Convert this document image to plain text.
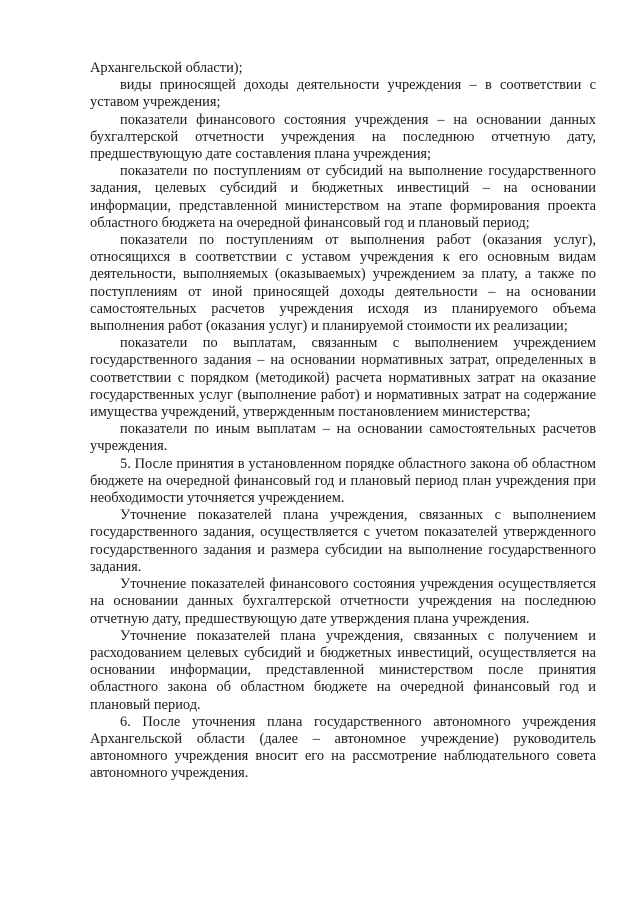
Архангельской области);

виды приносящей доходы деятельности учреждения – в соответствии с уставом учреждения;

показатели финансового состояния учреждения – на основании данных бухгалтерской отчетности учреждения на последнюю отчетную дату, предшествующую дате составления плана учреждения;

показатели по поступлениям от субсидий на выполнение государственного задания, целевых субсидий и бюджетных инвестиций – на основании информации, представленной министерством на этапе формирования проекта областного бюджета на очередной финансовый год и плановый период;

показатели по поступлениям от выполнения работ (оказания услуг), относящихся в соответствии с уставом учреждения к его основным видам деятельности, выполняемых (оказываемых) учреждением за плату, а также по поступлениям от иной приносящей доходы деятельности – на основании самостоятельных расчетов учреждения исходя из планируемого объема выполнения работ (оказания услуг) и планируемой стоимости их реализации;

показатели по выплатам, связанным с выполнением учреждением государственного задания – на основании нормативных затрат, определенных в соответствии с порядком (методикой) расчета нормативных затрат на оказание государственных услуг (выполнение работ) и нормативных затрат на содержание имущества учреждений, утвержденным постановлением министерства;

показатели по иным выплатам – на основании самостоятельных расчетов учреждения.

5. После принятия в установленном порядке областного закона об областном бюджете на очередной финансовый год и плановый период план учреждения при необходимости уточняется учреждением.

Уточнение показателей плана учреждения, связанных с выполнением государственного задания, осуществляется с учетом показателей утвержденного государственного задания и размера субсидии на выполнение государственного задания.

Уточнение показателей финансового состояния учреждения осуществляется на основании данных бухгалтерской отчетности учреждения на последнюю отчетную дату, предшествующую дате утверждения плана учреждения.

Уточнение показателей плана учреждения, связанных с получением и расходованием целевых субсидий и бюджетных инвестиций, осуществляется на основании информации, представленной министерством после принятия областного закона об областном бюджете на очередной финансовый год и плановый период.

6. После уточнения плана государственного автономного учреждения Архангельской области (далее – автономное учреждение) руководитель автономного учреждения вносит его на рассмотрение наблюдательного совета автономного учреждения.
